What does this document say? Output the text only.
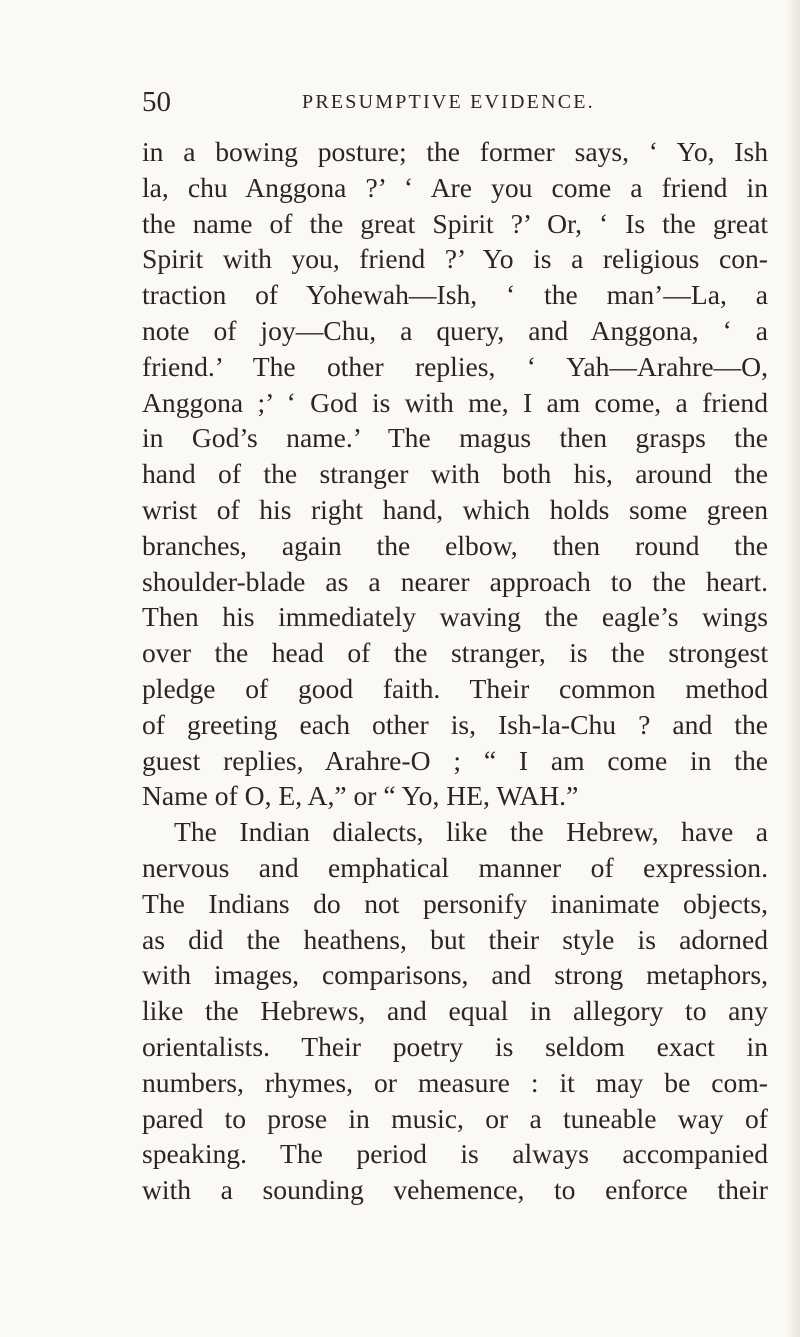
50	PRESUMPTIVE EVIDENCE.
in a bowing posture; the former says, ‘ Yo, Ish
la, chu Anggona ?’ ‘ Are you come a friend in
the name of the great Spirit ?’ Or, ‘ Is the great
Spirit with you, friend ?’ Yo is a religious con-
traction of Yohewah—Ish, ‘ the man’—La, a
note of joy—Chu, a query, and Anggona, ‘ a
friend.’ The other replies, ‘ Yah—Arahre—O,
Anggona ;’ ‘ God is with me, I am come, a friend
in God’s name.’ The magus then grasps the
hand of the stranger with both his, around the
wrist of his right hand, which holds some green
branches, again the elbow, then round the
shoulder-blade as a nearer approach to the heart.
Then his immediately waving the eagle’s wings
over the head of the stranger, is the strongest
pledge of good faith. Their common method
of greeting each other is, Ish-la-Chu ? and the
guest replies, Arahre-O ; “ I am come in the
Name of O, E, A,” or “ Yo, HE, WAH.”
The Indian dialects, like the Hebrew, have a
nervous and emphatical manner of expression.
The Indians do not personify inanimate objects,
as did the heathens, but their style is adorned
with images, comparisons, and strong metaphors,
like the Hebrews, and equal in allegory to any
orientalists. Their poetry is seldom exact in
numbers, rhymes, or measure : it may be com-
pared to prose in music, or a tuneable way of
speaking. The period is always accompanied
with a sounding vehemence, to enforce their
